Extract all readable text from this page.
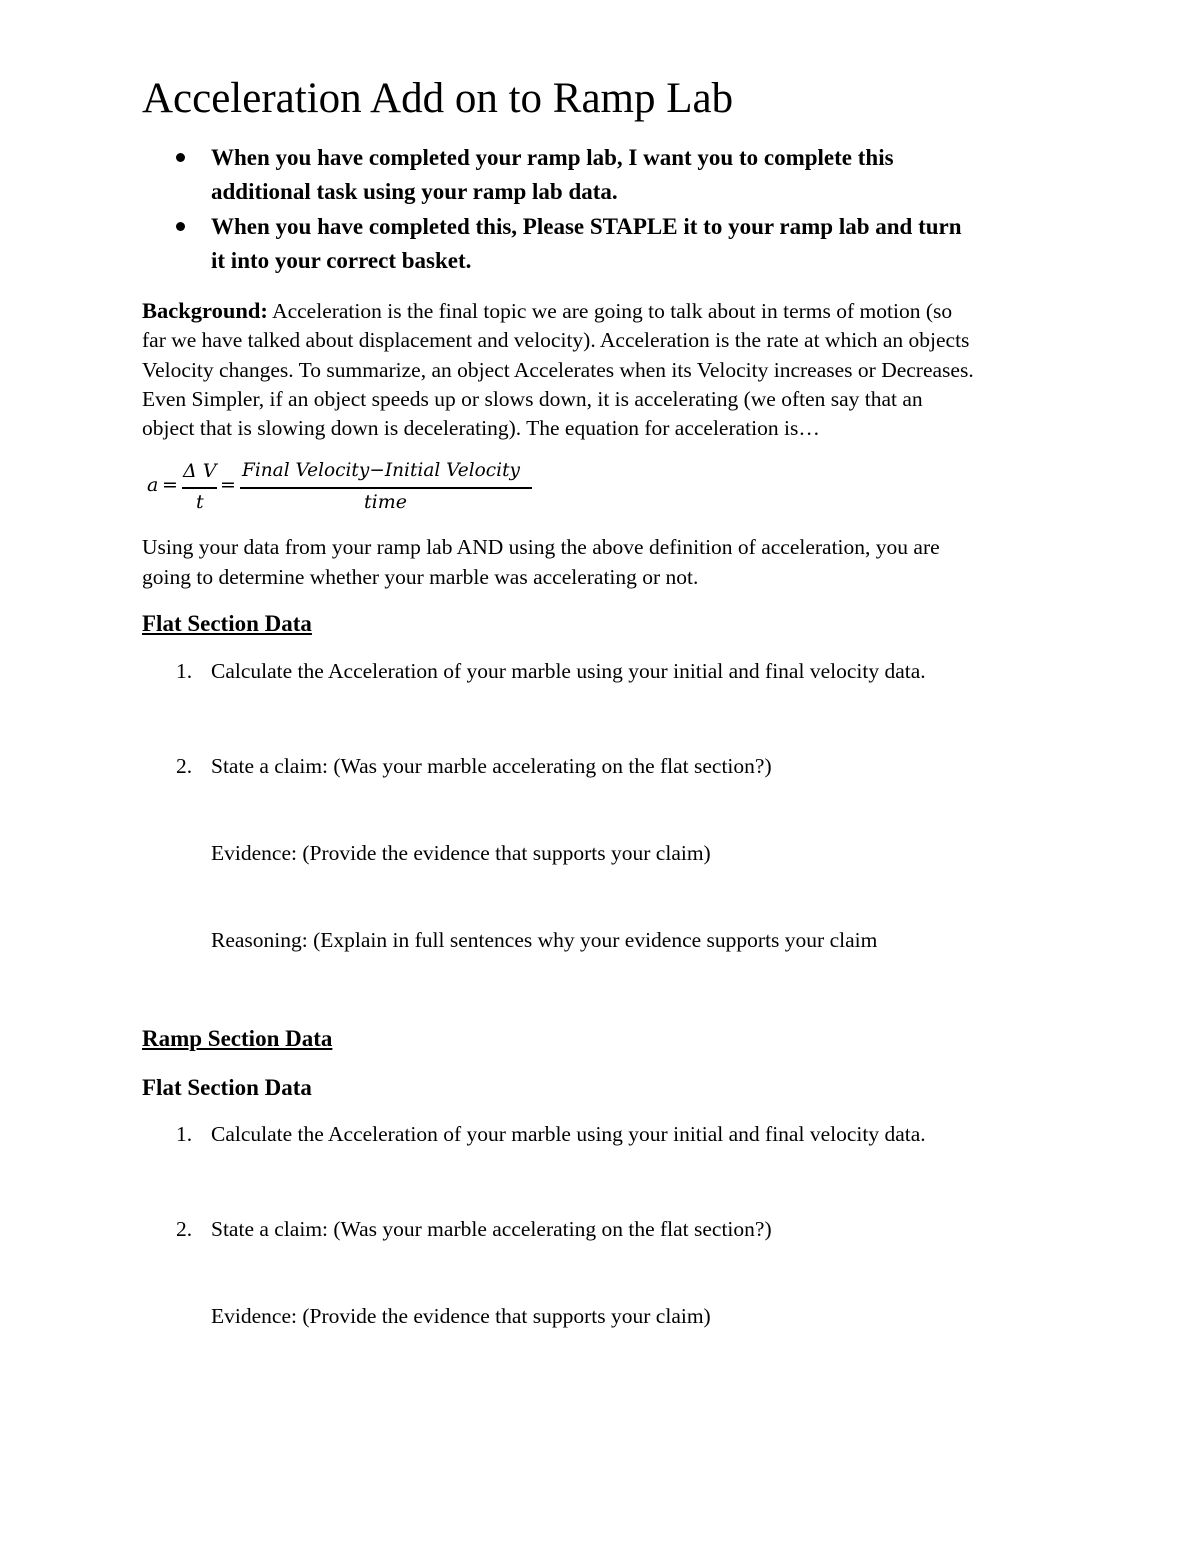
Acceleration Add on to Ramp Lab
When you have completed your ramp lab, I want you to complete this
additional task using your ramp lab data.
When you have completed this, Please STAPLE it to your ramp lab and turn
it into your correct basket.
Background: Acceleration is the final topic we are going to talk about in terms of motion (so
far we have talked about displacement and velocity). Acceleration is the rate at which an objects
Velocity changes. To summarize, an object Accelerates when its Velocity increases or Decreases.
Even Simpler, if an object speeds up or slows down, it is accelerating (we often say that an
object that is slowing down is decelerating). The equation for acceleration is…
a =
Δ V
t
=
Final Velocity−Initial Velocity
time
Using your data from your ramp lab AND using the above definition of acceleration, you are
going to determine whether your marble was accelerating or not.
Flat Section Data
1. Calculate the Acceleration of your marble using your initial and final velocity data.
2. State a claim: (Was your marble accelerating on the flat section?)
Evidence: (Provide the evidence that supports your claim)
Reasoning: (Explain in full sentences why your evidence supports your claim
Ramp Section Data
Flat Section Data
1. Calculate the Acceleration of your marble using your initial and final velocity data.
2. State a claim: (Was your marble accelerating on the flat section?)
Evidence: (Provide the evidence that supports your claim)
